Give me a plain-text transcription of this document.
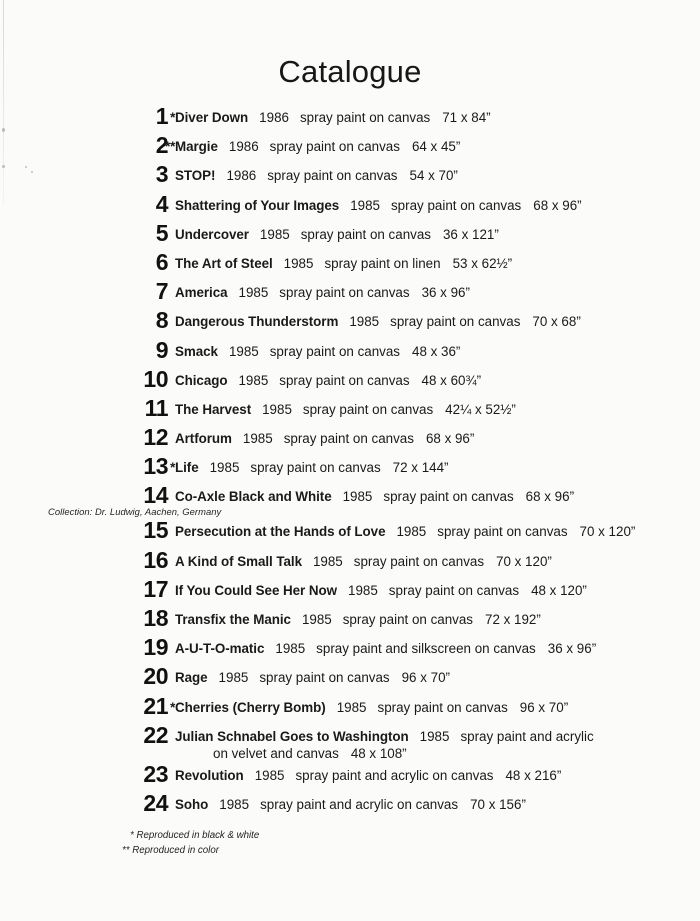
Catalogue
1 * Diver Down 1986 spray paint on canvas 71 x 84”
2
** Margie 1986 spray paint on canvas 64 x 45”
3 STOP! 1986 spray paint on canvas 54 x 70”
4 Shattering of Your Images 1985 spray paint on canvas 68 x 96”
5 Undercover 1985 spray paint on canvas 36 x 121”
6 The Art of Steel 1985 spray paint on linen 53 x 62½”
7 America 1985 spray paint on canvas 36 x 96”
8 Dangerous Thunderstorm 1985 spray paint on canvas 70 x 68”
9 Smack 1985 spray paint on canvas 48 x 36”
10 Chicago 1985 spray paint on canvas 48 x 60¾”
11 The Harvest 1985 spray paint on canvas 42¼ x 52½”
12 Artforum 1985 spray paint on canvas 68 x 96”
13 * Life 1985 spray paint on canvas 72 x 144”
14 Co-Axle Black and White 1985 spray paint on canvas 68 x 96”
Collection: Dr. Ludwig, Aachen, Germany
15 Persecution at the Hands of Love 1985 spray paint on canvas 70 x 120”
16 A Kind of Small Talk 1985 spray paint on canvas 70 x 120”
17 If You Could See Her Now 1985 spray paint on canvas 48 x 120”
18 Transfix the Manic 1985 spray paint on canvas 72 x 192”
19 A-U-T-O-matic 1985 spray paint and silkscreen on canvas 36 x 96”
20 Rage 1985 spray paint on canvas 96 x 70”
21 * Cherries (Cherry Bomb) 1985 spray paint on canvas 96 x 70”
22 Julian Schnabel Goes to Washington 1985 spray paint and acrylic
on velvet and canvas 48 x 108”
23 Revolution 1985 spray paint and acrylic on canvas 48 x 216”
24 Soho 1985 spray paint and acrylic on canvas 70 x 156”
* Reproduced in black & white
** Reproduced in color
